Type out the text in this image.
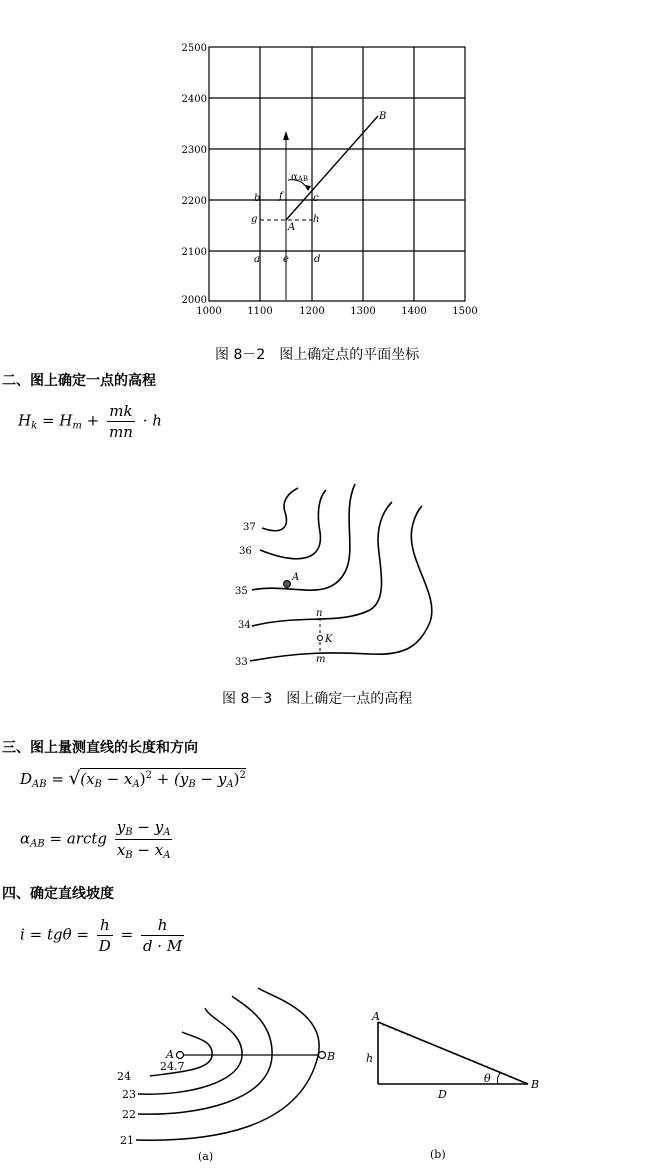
2500
2400
2300
2200
2100
2000
1000	1100	1200	1300	1400	1500
B
A
a
b	c
d
e
f
g	h
αAB
图 8－2　图上确定点的平面坐标
二、图上确定一点的高程
$H_k = H_m + \frac{mk}{mn} \cdot h$
37
36
35
34
33
A
n
K
m
图 8－3　图上确定一点的高程
三、图上量测直线的长度和方向
$D_{AB} = √(x_B - x_A)^2 + (y_B - y_A)^2$
$\alpha_{AB}$ = arctg $\frac{y_B - y_A}{x_B - x_A}$
四、确定直线坡度
$i = tg\theta = \frac{h}{D} = \frac{h}{d \cdot M}$
24
23
22
21
24.7
(a)
A	B
A
B
h
D
θ
(b)
